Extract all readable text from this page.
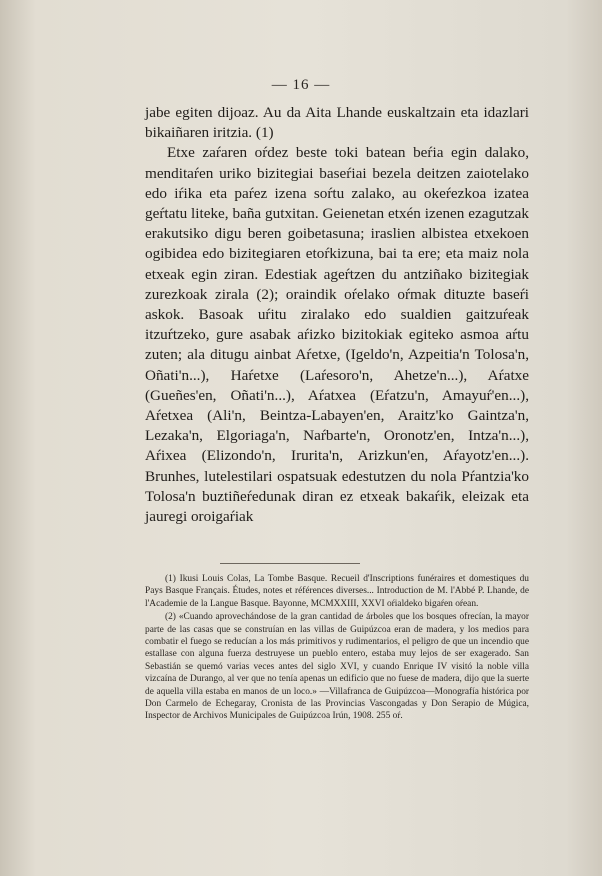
— 16 —

jabe egiten dijoaz. Au da Aita Lhande euskaltzain eta idazlari bikaiñaren iritzia. (1)

Etxe zaŕaren oŕdez beste toki batean beŕia egin dalako, menditaŕen uriko bizitegiai baseŕiai bezela deitzen zaiotelako edo iŕika eta paŕez izena soŕtu zalako, au okeŕezkoa izatea geŕtatu liteke, baña gutxitan. Geienetan etxén izenen ezagutzak erakutsiko digu beren goibetasuna; iraslien albistea etxekoen ogibidea edo bizitegiaren etoŕkizuna, bai ta ere; eta maiz nola etxeak egin ziran. Edestiak ageŕtzen du antziñako bizitegiak zurezkoak zirala (2); oraindik oŕelako oŕmak dituzte baseŕi askok. Basoak uŕitu ziralako edo sualdien gaitzuŕeak itzuŕtzeko, gure asabak aŕizko bizitokiak egiteko asmoa aŕtu zuten; ala ditugu ainbat Aŕetxe, (Igeldo'n, Azpeitia'n Tolosa'n, Oñati'n...), Haŕetxe (Laŕesoro'n, Ahetze'n...), Aŕatxe (Gueñes'en, Oñati'n...), Aŕatxea (Eŕatzu'n, Amayuŕ'en...), Aŕetxea (Ali'n, Beintza-Labayen'en, Araitz'ko Gaintza'n, Lezaka'n, Elgoriaga'n, Naŕbarte'n, Oronotz'en, Intza'n...), Aŕixea (Elizondo'n, Irurita'n, Arizkun'en, Aŕayotz'en...). Brunhes, lutelestilari ospatsuak edestutzen du nola Pŕantzia'ko Tolosa'n buztiñeŕedunak diran ez etxeak bakaŕik, eleizak eta jauregi oroigaŕiak

(1) Ikusi Louis Colas, La Tombe Basque. Recueil d'Inscriptions funéraires et domestiques du Pays Basque Français. Études, notes et références diverses... Introduction de M. l'Abbé P. Lhande, de l'Academie de la Langue Basque. Bayonne, MCMXXIII, XXVI oŕialdeko bigaŕen oŕean.

(2) «Cuando aprovechándose de la gran cantidad de árboles que los bosques ofrecían, la mayor parte de las casas que se construían en las villas de Guipúzcoa eran de madera, y los medios para combatir el fuego se reducían a los más primitivos y rudimentarios, el peligro de que un incendio que estallase con alguna fuerza destruyese un pueblo entero, estaba muy lejos de ser exagerado. San Sebastián se quemó varias veces antes del siglo XVI, y cuando Enrique IV visitó la noble villa vizcaína de Durango, al ver que no tenía apenas un edificio que no fuese de madera, dijo que la suerte de aquella villa estaba en manos de un loco.» —Villafranca de Guipúzcoa—Monografía histórica por Don Carmelo de Echegaray, Cronista de las Provincias Vascongadas y Don Serapio de Múgica, Inspector de Archivos Municipales de Guipúzcoa Irún, 1908. 255 oŕ.
